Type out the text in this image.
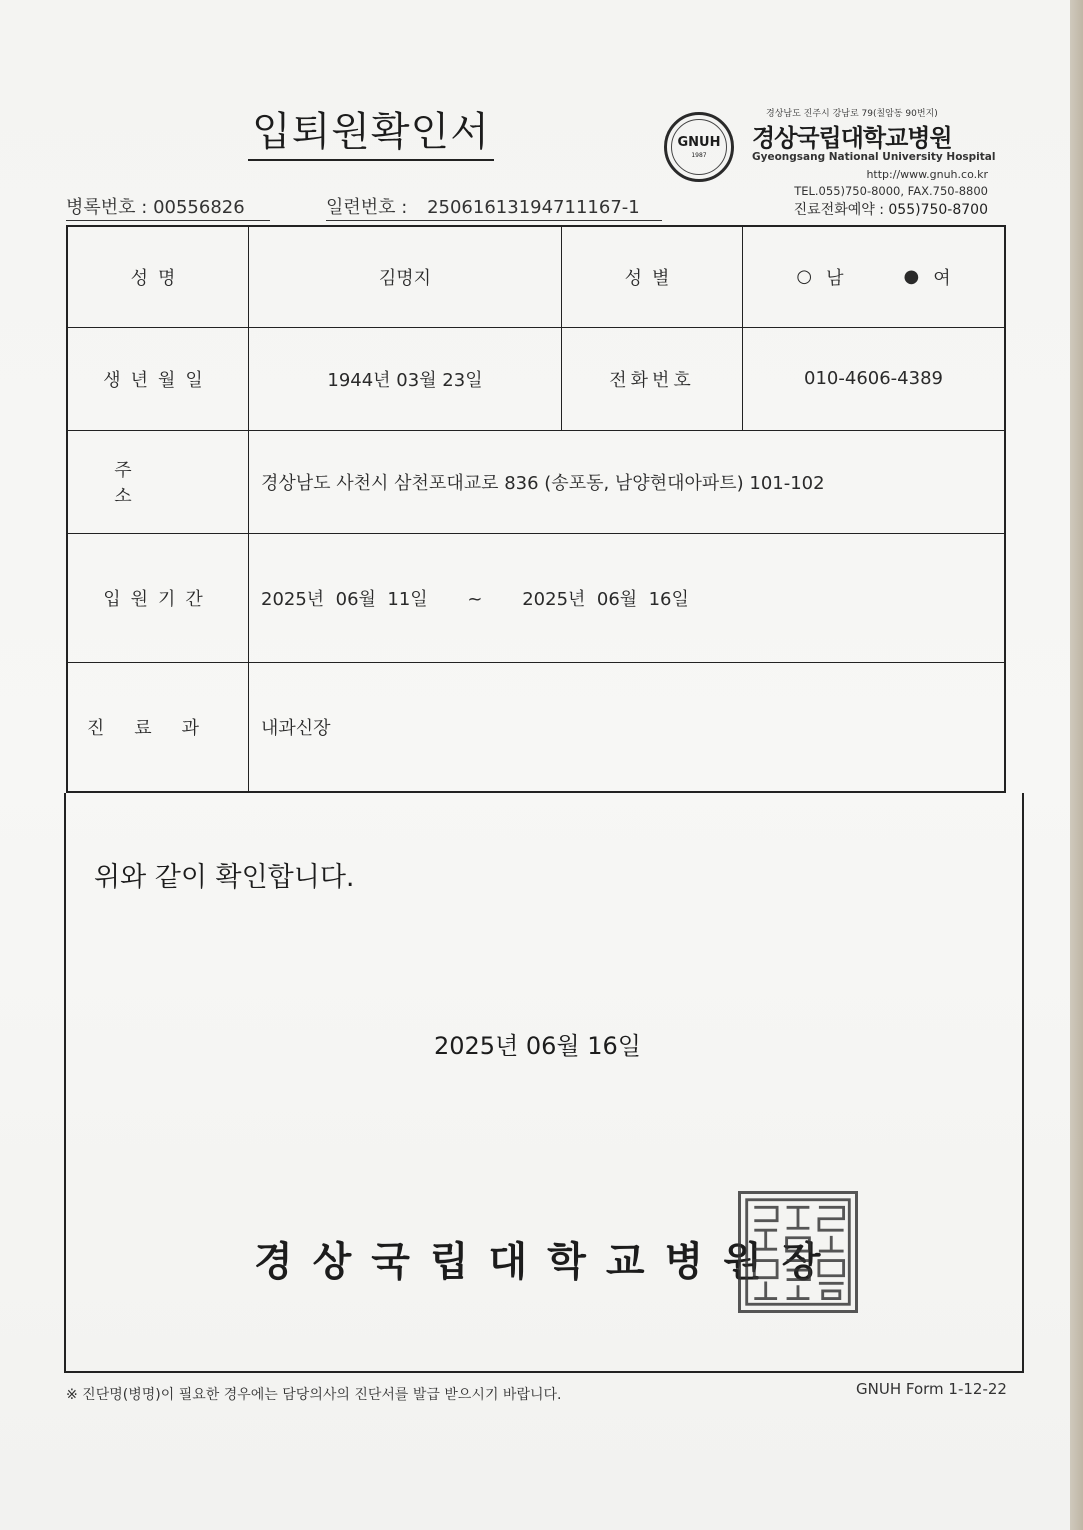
입퇴원확인서
병록번호 : 00556826	일련번호 : 25061613194711167-1
GNUH
1987
경상남도 진주시 강남로 79(칠암동 90번지)
경상국립대학교병원
Gyeongsang National University Hospital
http://www.gnuh.co.kr
TEL.055)750-8000, FAX.750-8800
진료전화예약 : 055)750-8700
성명	김명지	성별	○ 남 ● 여

생년월일	1944년 03월 23일	전화번호	010-4606-4389
주소	경상남도 사천시 삼천포대교로 836 (송포동, 남양현대아파트) 101-102		
입원기간	2025년  06월  11일 ~ 2025년  06월  16일		
진료과	내과신장		
위와 같이 확인합니다.
2025년 06월 16일
경상국립대학교병원장
※ 진단명(병명)이 필요한 경우에는 담당의사의 진단서를 발급 받으시기 바랍니다.	GNUH Form 1-12-22
